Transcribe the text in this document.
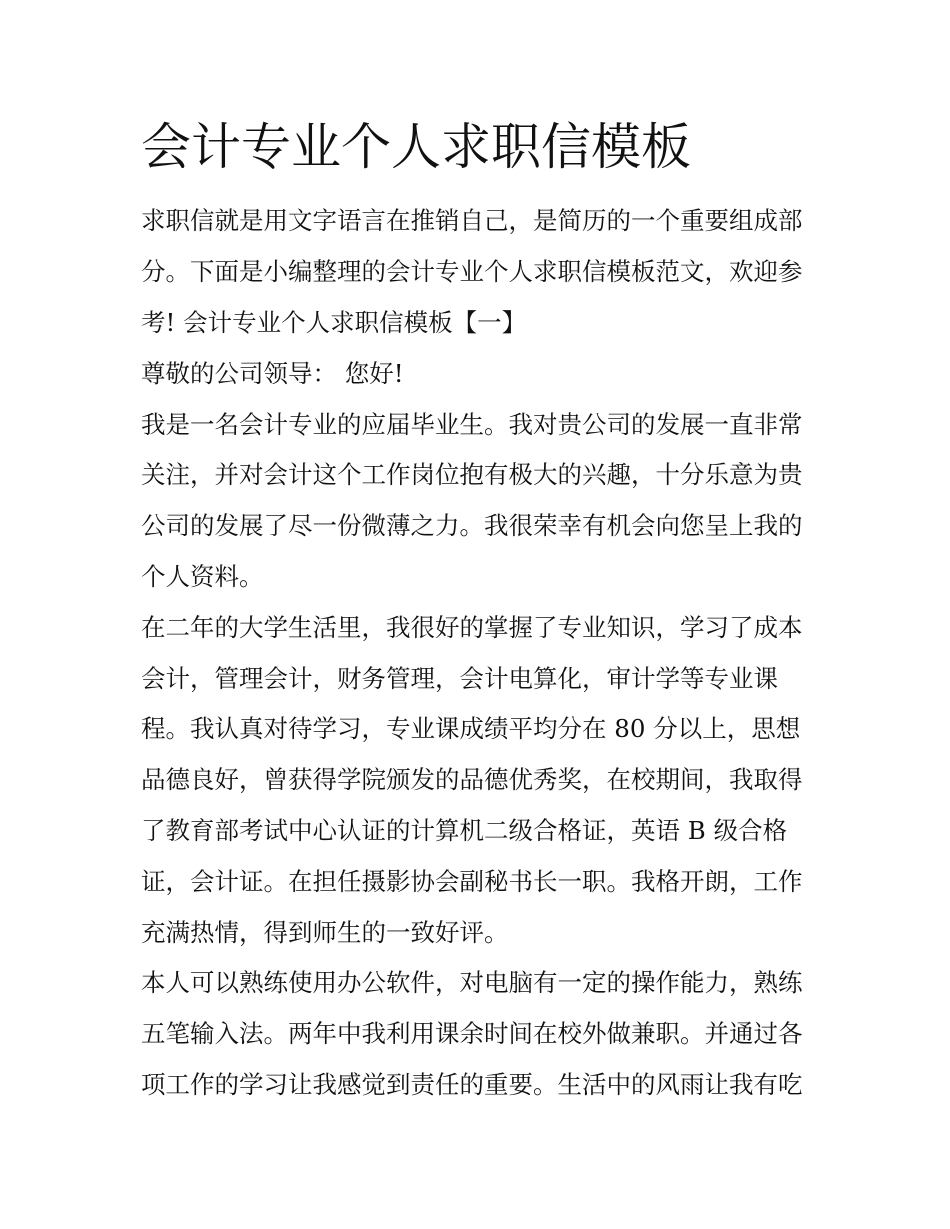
会计专业个人求职信模板

求职信就是用文字语言在推销自己，是简历的一个重要组成部

分。下面是小编整理的会计专业个人求职信模板范文，欢迎参

考! 会计专业个人求职信模板【一】

尊敬的公司领导： 您好!

我是一名会计专业的应届毕业生。我对贵公司的发展一直非常

关注，并对会计这个工作岗位抱有极大的兴趣，十分乐意为贵

公司的发展了尽一份微薄之力。我很荣幸有机会向您呈上我的

个人资料。

在二年的大学生活里，我很好的掌握了专业知识，学习了成本

会计，管理会计，财务管理，会计电算化，审计学等专业课

程。我认真对待学习，专业课成绩平均分在 80 分以上，思想

品德良好，曾获得学院颁发的品德优秀奖，在校期间，我取得

了教育部考试中心认证的计算机二级合格证，英语 B 级合格

证，会计证。在担任摄影协会副秘书长一职。我格开朗，工作

充满热情，得到师生的一致好评。

本人可以熟练使用办公软件，对电脑有一定的操作能力，熟练

五笔输入法。两年中我利用课余时间在校外做兼职。并通过各

项工作的学习让我感觉到责任的重要。生活中的风雨让我有吃
